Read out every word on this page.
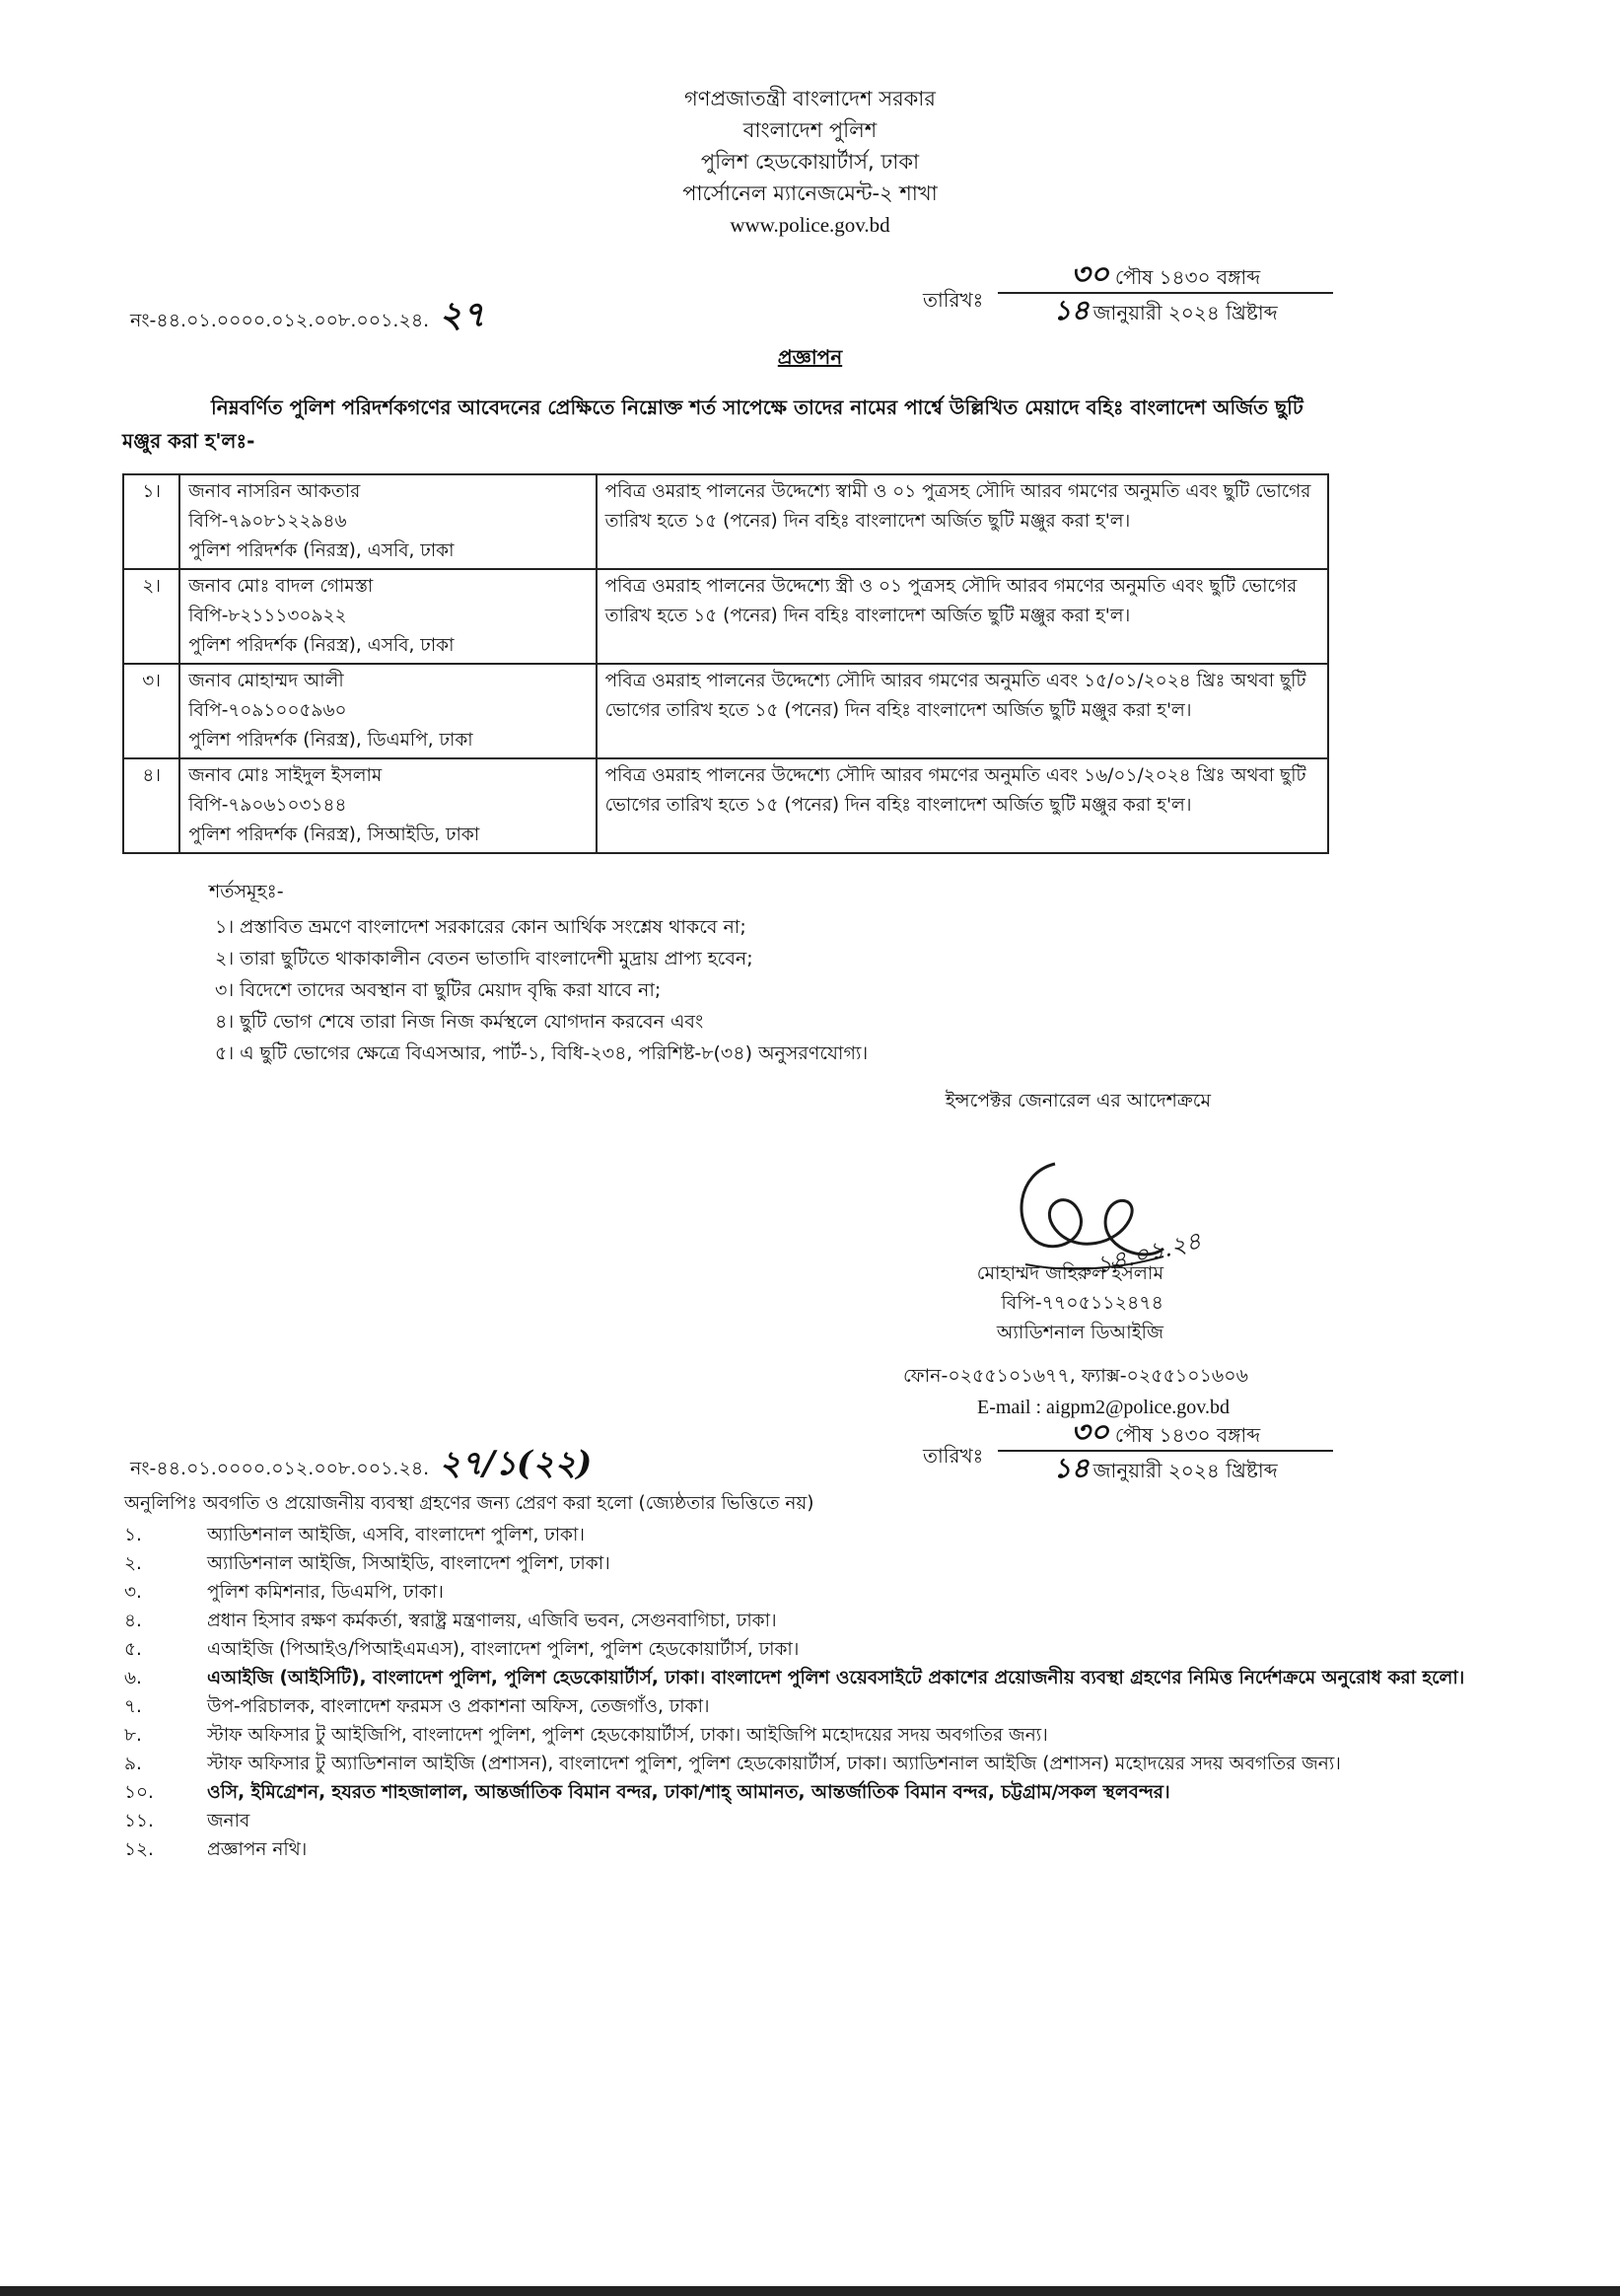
গণপ্রজাতন্ত্রী বাংলাদেশ সরকার
বাংলাদেশ পুলিশ
পুলিশ হেডকোয়ার্টার্স, ঢাকা
পার্সোনেল ম্যানেজমেন্ট-২ শাখা
www.police.gov.bd
নং-৪৪.০১.০০০০.০১২.০০৮.০০১.২৪. ২৭	তারিখঃ
৩০ পৌষ ১৪৩০ বঙ্গাব্দ
১৪ জানুয়ারী ২০২৪ খ্রিষ্টাব্দ
প্রজ্ঞাপন
নিম্নবর্ণিত পুলিশ পরিদর্শকগণের আবেদনের প্রেক্ষিতে নিম্নোক্ত শর্ত সাপেক্ষে তাদের নামের পার্শ্বে উল্লিখিত মেয়াদে বহিঃ বাংলাদেশ অর্জিত ছুটি মঞ্জুর করা হ'লঃ-
১।	জনাব নাসরিন আকতার
বিপি-৭৯০৮১২২৯৪৬
পুলিশ পরিদর্শক (নিরস্ত্র), এসবি, ঢাকা	পবিত্র ওমরাহ পালনের উদ্দেশ্যে স্বামী ও ০১ পুত্রসহ সৌদি আরব গমণের অনুমতি এবং ছুটি ভোগের তারিখ হতে ১৫ (পনের) দিন বহিঃ বাংলাদেশ অর্জিত ছুটি মঞ্জুর করা হ'ল।
২।	জনাব মোঃ বাদল গোমস্তা
বিপি-৮২১১১৩০৯২২
পুলিশ পরিদর্শক (নিরস্ত্র), এসবি, ঢাকা	পবিত্র ওমরাহ পালনের উদ্দেশ্যে স্ত্রী ও ০১ পুত্রসহ সৌদি আরব গমণের অনুমতি এবং ছুটি ভোগের তারিখ হতে ১৫ (পনের) দিন বহিঃ বাংলাদেশ অর্জিত ছুটি মঞ্জুর করা হ'ল।
৩।	জনাব মোহাম্মদ আলী
বিপি-৭০৯১০০৫৯৬০
পুলিশ পরিদর্শক (নিরস্ত্র), ডিএমপি, ঢাকা	পবিত্র ওমরাহ পালনের উদ্দেশ্যে সৌদি আরব গমণের অনুমতি এবং ১৫/০১/২০২৪ খ্রিঃ অথবা ছুটি ভোগের তারিখ হতে ১৫ (পনের) দিন বহিঃ বাংলাদেশ অর্জিত ছুটি মঞ্জুর করা হ'ল।
৪।	জনাব মোঃ সাইদুল ইসলাম
বিপি-৭৯০৬১০৩১৪৪
পুলিশ পরিদর্শক (নিরস্ত্র), সিআইডি, ঢাকা	পবিত্র ওমরাহ পালনের উদ্দেশ্যে সৌদি আরব গমণের অনুমতি এবং ১৬/০১/২০২৪ খ্রিঃ অথবা ছুটি ভোগের তারিখ হতে ১৫ (পনের) দিন বহিঃ বাংলাদেশ অর্জিত ছুটি মঞ্জুর করা হ'ল।
শর্তসমূহঃ-
১। প্রস্তাবিত ভ্রমণে বাংলাদেশ সরকারের কোন আর্থিক সংশ্লেষ থাকবে না;
২। তারা ছুটিতে থাকাকালীন বেতন ভাতাদি বাংলাদেশী মুদ্রায় প্রাপ্য হবেন;
৩। বিদেশে তাদের অবস্থান বা ছুটির মেয়াদ বৃদ্ধি করা যাবে না;
৪। ছুটি ভোগ শেষে তারা নিজ নিজ কর্মস্থলে যোগদান করবেন এবং
৫। এ ছুটি ভোগের ক্ষেত্রে বিএসআর, পার্ট-১, বিধি-২৩৪, পরিশিষ্ট-৮(৩৪) অনুসরণযোগ্য।
ইন্সপেক্টর জেনারেল এর আদেশক্রমে
১৪.০১.২৪
মোহাম্মদ জহিরুল ইসলাম
বিপি-৭৭০৫১১২৪৭৪
অ্যাডিশনাল ডিআইজি
ফোন-০২৫৫১০১৬৭৭, ফ্যাক্স-০২৫৫১০১৬০৬
E-mail : aigpm2@police.gov.bd
নং-৪৪.০১.০০০০.০১২.০০৮.০০১.২৪. ২৭/১(২২)	তারিখঃ
৩০ পৌষ ১৪৩০ বঙ্গাব্দ
১৪ জানুয়ারী ২০২৪ খ্রিষ্টাব্দ
অনুলিপিঃ অবগতি ও প্রয়োজনীয় ব্যবস্থা গ্রহণের জন্য প্রেরণ করা হলো (জ্যেষ্ঠতার ভিত্তিতে নয়)
১.	অ্যাডিশনাল আইজি, এসবি, বাংলাদেশ পুলিশ, ঢাকা।
২.	অ্যাডিশনাল আইজি, সিআইডি, বাংলাদেশ পুলিশ, ঢাকা।
৩.	পুলিশ কমিশনার, ডিএমপি, ঢাকা।
৪.	প্রধান হিসাব রক্ষণ কর্মকর্তা, স্বরাষ্ট্র মন্ত্রণালয়, এজিবি ভবন, সেগুনবাগিচা, ঢাকা।
৫.	এআইজি (পিআইও/পিআইএমএস), বাংলাদেশ পুলিশ, পুলিশ হেডকোয়ার্টার্স, ঢাকা।
৬.	এআইজি (আইসিটি), বাংলাদেশ পুলিশ, পুলিশ হেডকোয়ার্টার্স, ঢাকা। বাংলাদেশ পুলিশ ওয়েবসাইটে প্রকাশের প্রয়োজনীয় ব্যবস্থা গ্রহণের নিমিত্ত নির্দেশক্রমে অনুরোধ করা হলো।
৭.	উপ-পরিচালক, বাংলাদেশ ফরমস ও প্রকাশনা অফিস, তেজগাঁও, ঢাকা।
৮.	স্টাফ অফিসার টু আইজিপি, বাংলাদেশ পুলিশ, পুলিশ হেডকোয়ার্টার্স, ঢাকা। আইজিপি মহোদয়ের সদয় অবগতির জন্য।
৯.	স্টাফ অফিসার টু অ্যাডিশনাল আইজি (প্রশাসন), বাংলাদেশ পুলিশ, পুলিশ হেডকোয়ার্টার্স, ঢাকা। অ্যাডিশনাল আইজি (প্রশাসন) মহোদয়ের সদয় অবগতির জন্য।
১০.	ওসি, ইমিগ্রেশন, হযরত শাহজালাল, আন্তর্জাতিক বিমান বন্দর, ঢাকা/শাহ্ আমানত, আন্তর্জাতিক বিমান বন্দর, চট্টগ্রাম/সকল স্থলবন্দর।
১১.	জনাব
১২.	প্রজ্ঞাপন নথি।
